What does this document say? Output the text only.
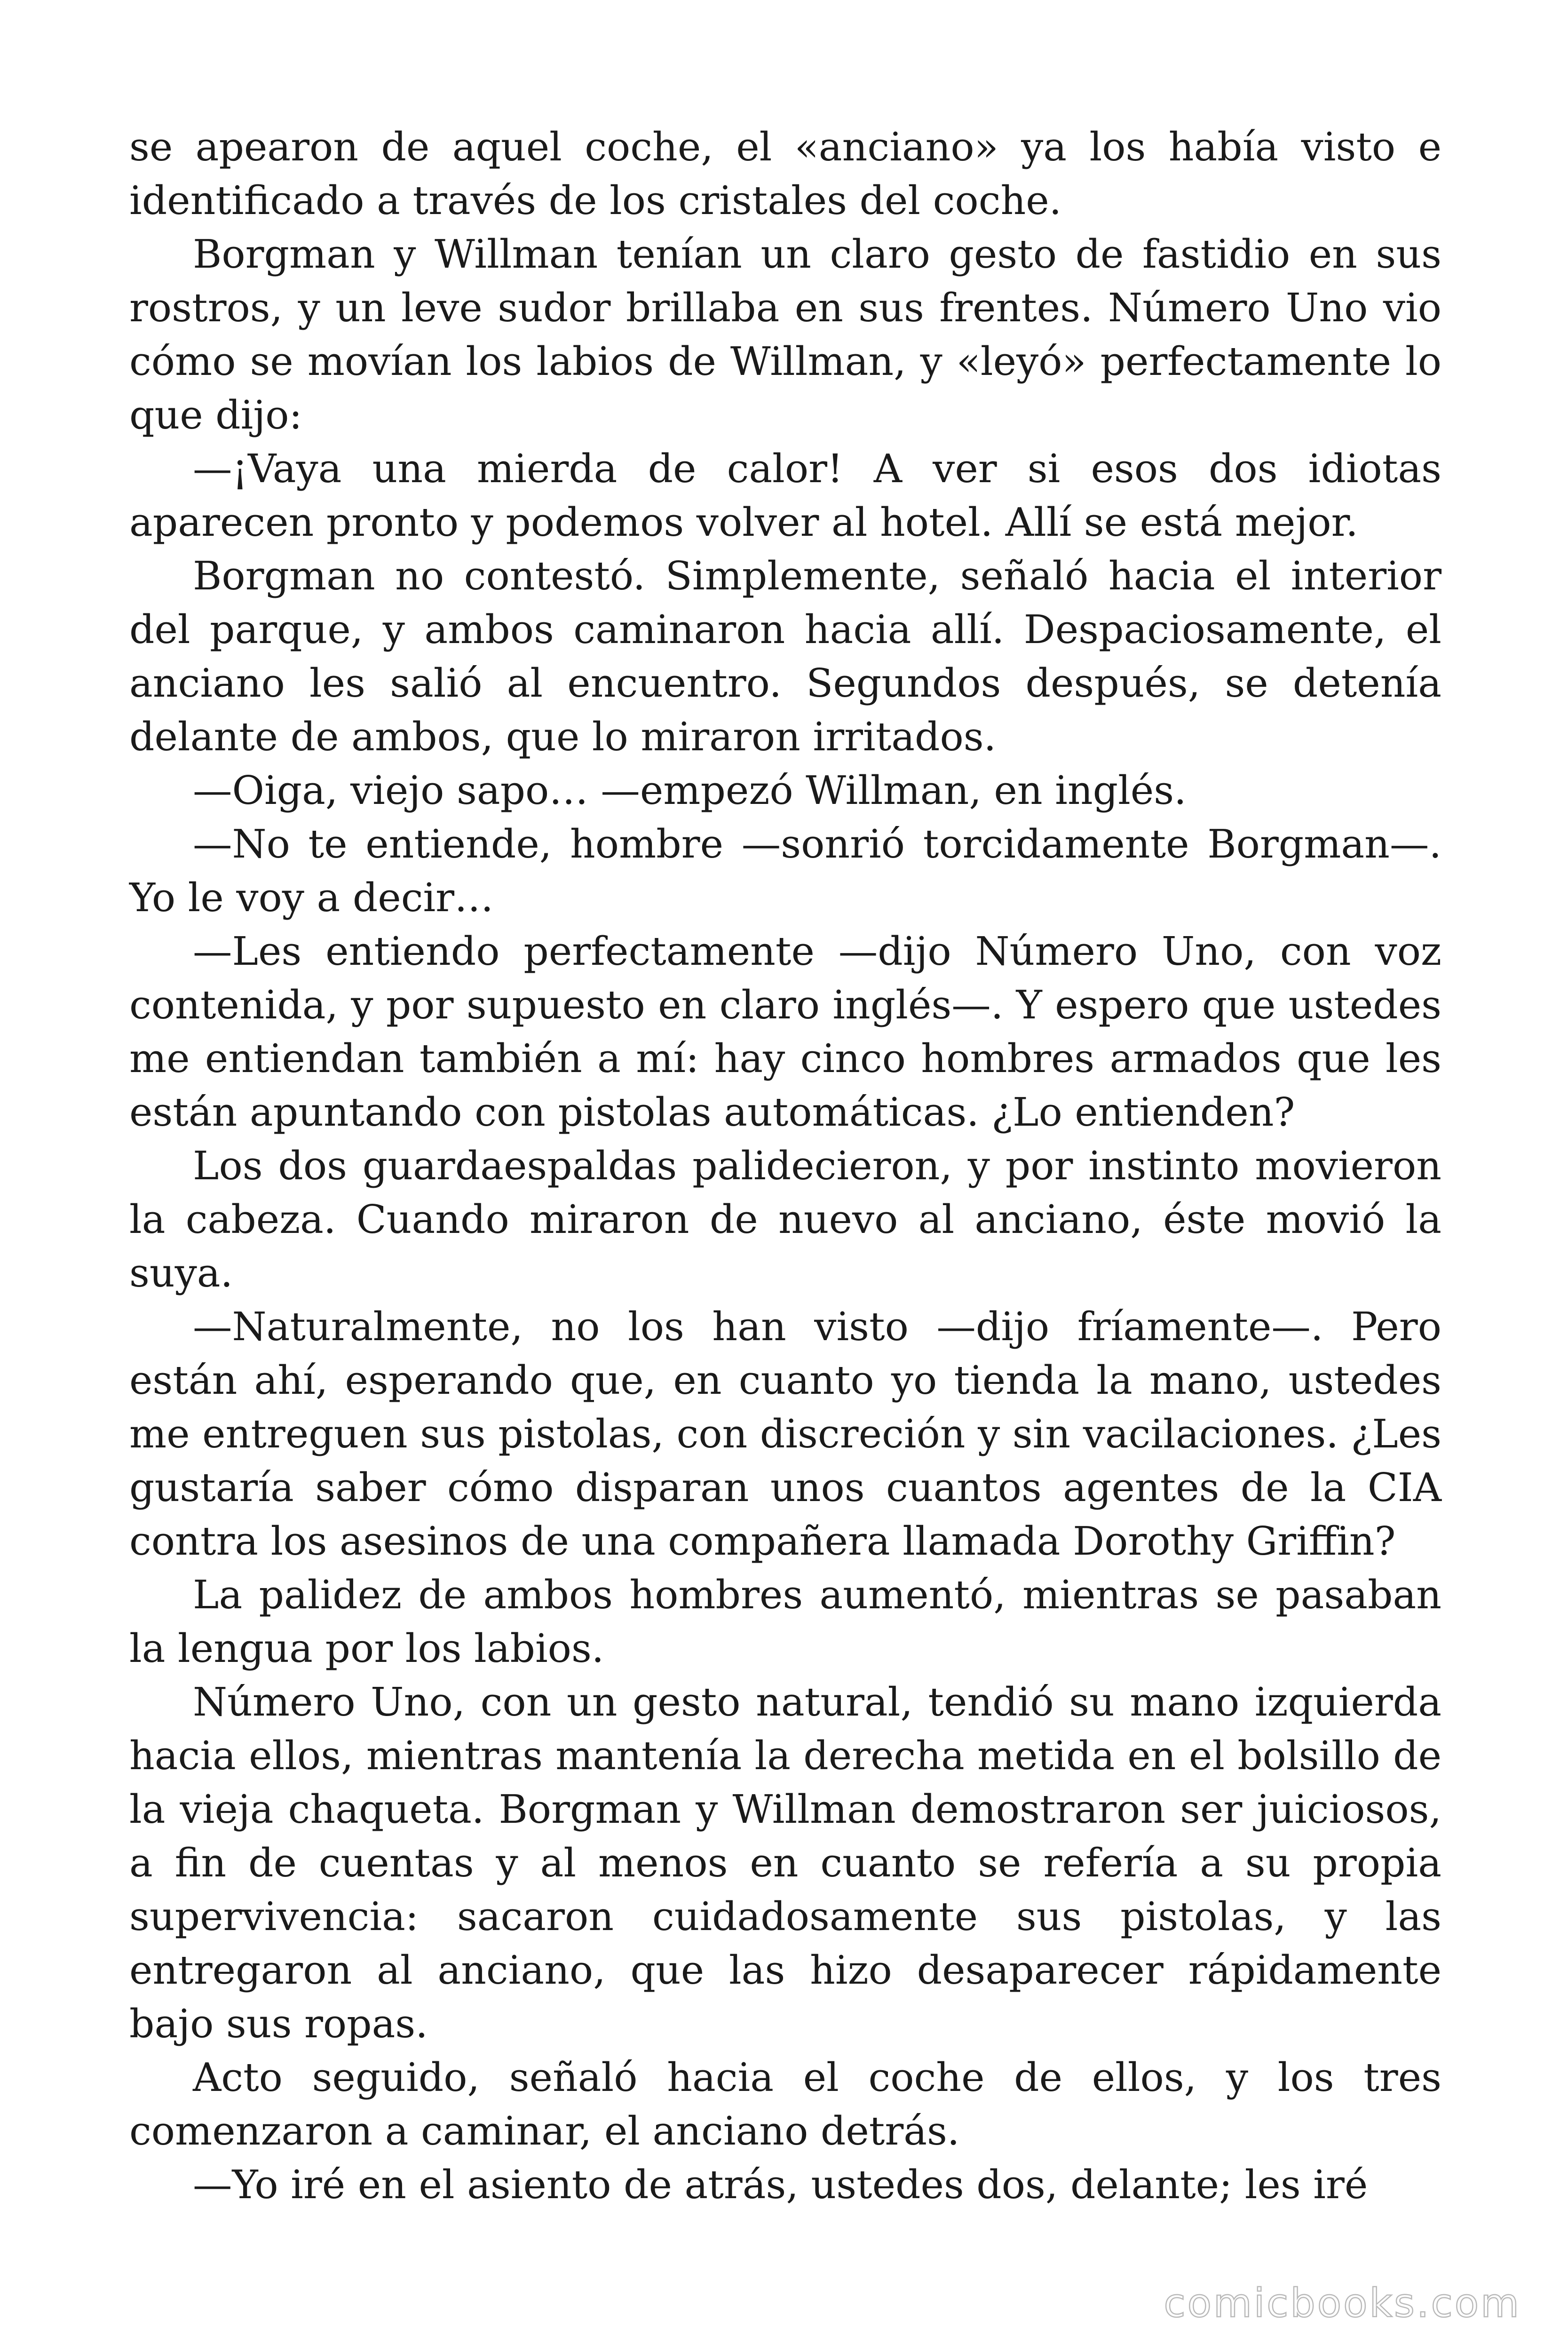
se apearon de aquel coche, el «anciano» ya los había visto e identificado a través de los cristales del coche.

Borgman y Willman tenían un claro gesto de fastidio en sus rostros, y un leve sudor brillaba en sus frentes. Número Uno vio cómo se movían los labios de Willman, y «leyó» perfectamente lo que dijo:

—¡Vaya una mierda de calor! A ver si esos dos idiotas aparecen pronto y podemos volver al hotel. Allí se está mejor.

Borgman no contestó. Simplemente, señaló hacia el interior del parque, y ambos caminaron hacia allí. Despaciosamente, el anciano les salió al encuentro. Segundos después, se detenía delante de ambos, que lo miraron irritados.

—Oiga, viejo sapo… —empezó Willman, en inglés.

—No te entiende, hombre —sonrió torcidamente Borgman—. Yo le voy a decir…

—Les entiendo perfectamente —dijo Número Uno, con voz contenida, y por supuesto en claro inglés—. Y espero que ustedes me entiendan también a mí: hay cinco hombres armados que les están apuntando con pistolas automáticas. ¿Lo entienden?

Los dos guardaespaldas palidecieron, y por instinto movieron la cabeza. Cuando miraron de nuevo al anciano, éste movió la suya.

—Naturalmente, no los han visto —dijo fríamente—. Pero están ahí, esperando que, en cuanto yo tienda la mano, ustedes me entreguen sus pistolas, con discreción y sin vacilaciones. ¿Les gustaría saber cómo disparan unos cuantos agentes de la CIA contra los asesinos de una compañera llamada Dorothy Griffin?

La palidez de ambos hombres aumentó, mientras se pasaban la lengua por los labios.

Número Uno, con un gesto natural, tendió su mano izquierda hacia ellos, mientras mantenía la derecha metida en el bolsillo de la vieja chaqueta. Borgman y Willman demostraron ser juiciosos, a fin de cuentas y al menos en cuanto se refería a su propia supervivencia: sacaron cuidadosamente sus pistolas, y las entregaron al anciano, que las hizo desaparecer rápidamente bajo sus ropas.

Acto seguido, señaló hacia el coche de ellos, y los tres comenzaron a caminar, el anciano detrás.

—Yo iré en el asiento de atrás, ustedes dos, delante; les iré

comicbooks.com
